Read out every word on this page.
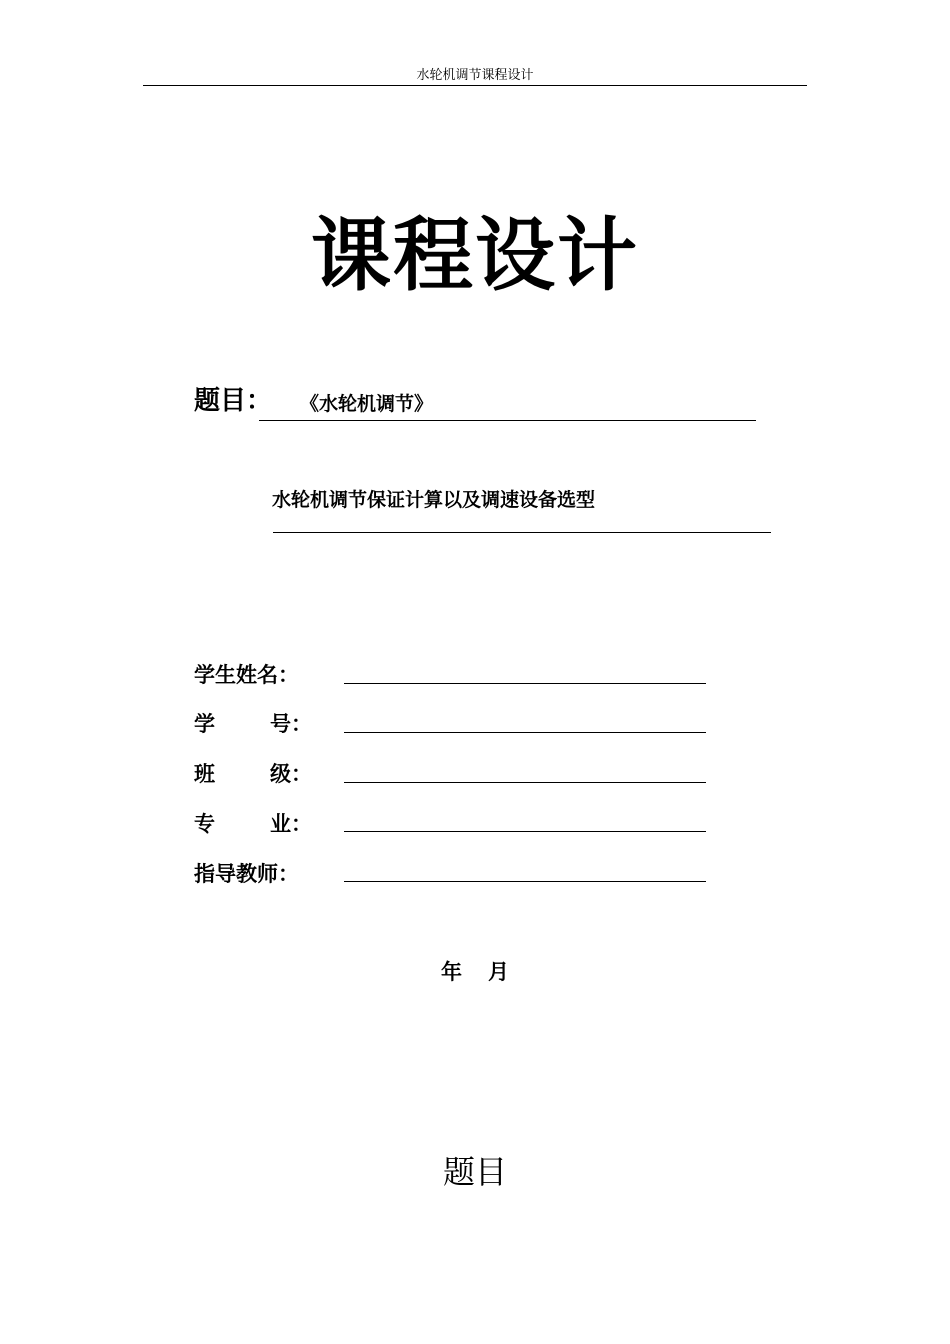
水轮机调节课程设计
课程设计
题目： 《水轮机调节》
水轮机调节保证计算以及调速设备选型
学生姓名：
学	号：
班	级：
专	业：
指导教师：
年 月
题目
